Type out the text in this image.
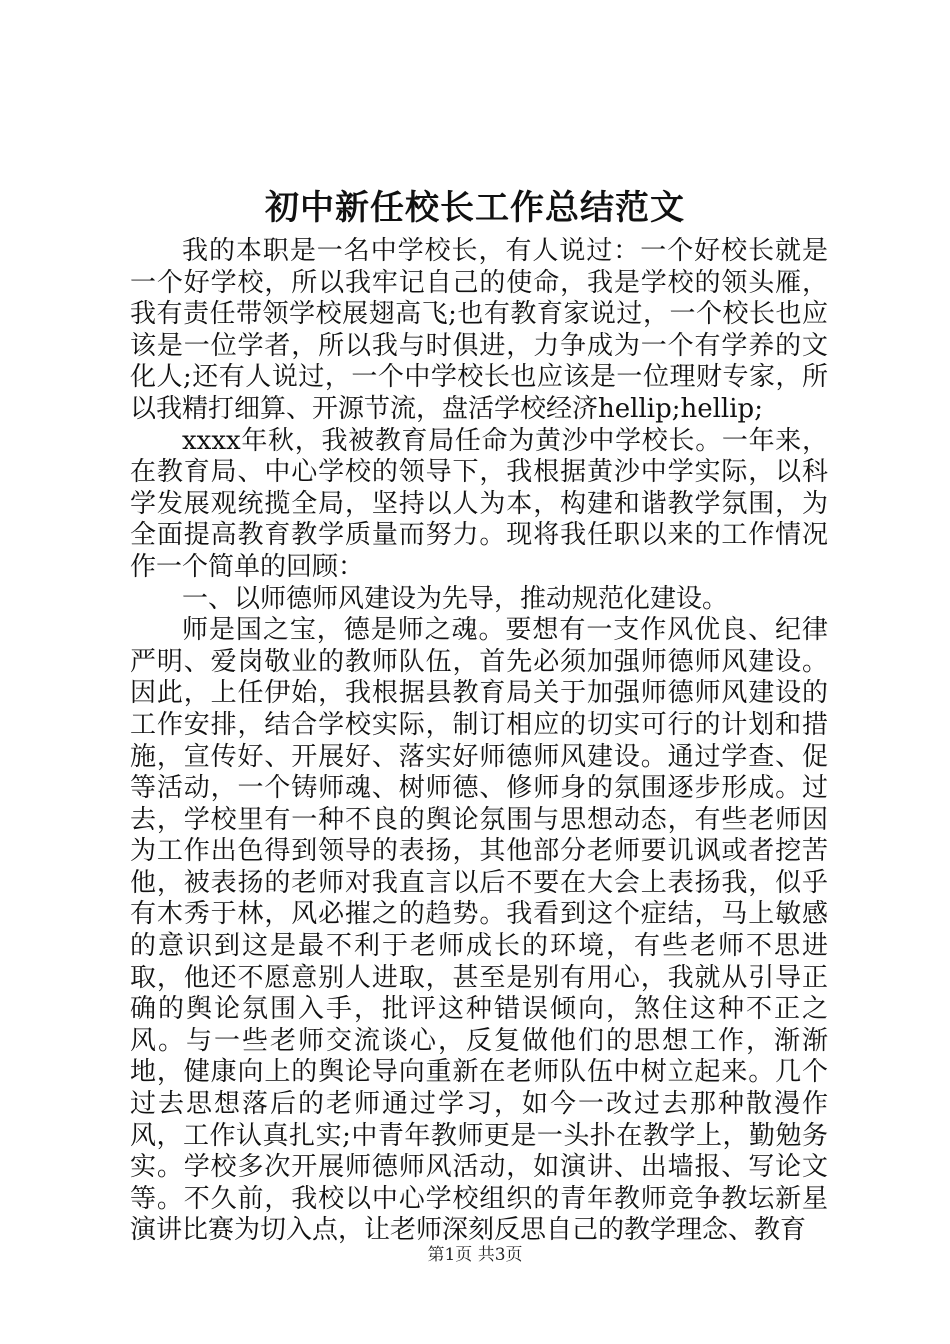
初中新任校长工作总结范文

我的本职是一名中学校长，有人说过：一个好校长就是一个好学校，所以我牢记自己的使命，我是学校的领头雁，我有责任带领学校展翅高飞;也有教育家说过，一个校长也应该是一位学者，所以我与时俱进，力争成为一个有学养的文化人;还有人说过，一个中学校长也应该是一位理财专家，所以我精打细算、开源节流，盘活学校经济hellip;hellip;

xxxx年秋，我被教育局任命为黄沙中学校长。一年来，在教育局、中心学校的领导下，我根据黄沙中学实际，以科学发展观统揽全局，坚持以人为本，构建和谐教学氛围，为全面提高教育教学质量而努力。现将我任职以来的工作情况作一个简单的回顾：

一、以师德师风建设为先导，推动规范化建设。

师是国之宝，德是师之魂。要想有一支作风优良、纪律严明、爱岗敬业的教师队伍，首先必须加强师德师风建设。因此，上任伊始，我根据县教育局关于加强师德师风建设的工作安排，结合学校实际，制订相应的切实可行的计划和措施，宣传好、开展好、落实好师德师风建设。通过学查、促等活动，一个铸师魂、树师德、修师身的氛围逐步形成。过去，学校里有一种不良的舆论氛围与思想动态，有些老师因为工作出色得到领导的表扬，其他部分老师要讥讽或者挖苦他，被表扬的老师对我直言以后不要在大会上表扬我，似乎有木秀于林，风必摧之的趋势。我看到这个症结，马上敏感的意识到这是最不利于老师成长的环境，有些老师不思进取，他还不愿意别人进取，甚至是别有用心，我就从引导正确的舆论氛围入手，批评这种错误倾向，煞住这种不正之风。与一些老师交流谈心，反复做他们的思想工作，渐渐地，健康向上的舆论导向重新在老师队伍中树立起来。几个过去思想落后的老师通过学习，如今一改过去那种散漫作风，工作认真扎实;中青年教师更是一头扑在教学上，勤勉务实。学校多次开展师德师风活动，如演讲、出墙报、写论文等。不久前，我校以中心学校组织的青年教师竞争教坛新星演讲比赛为切入点，让老师深刻反思自己的教学理念、教育

第1页 共3页
